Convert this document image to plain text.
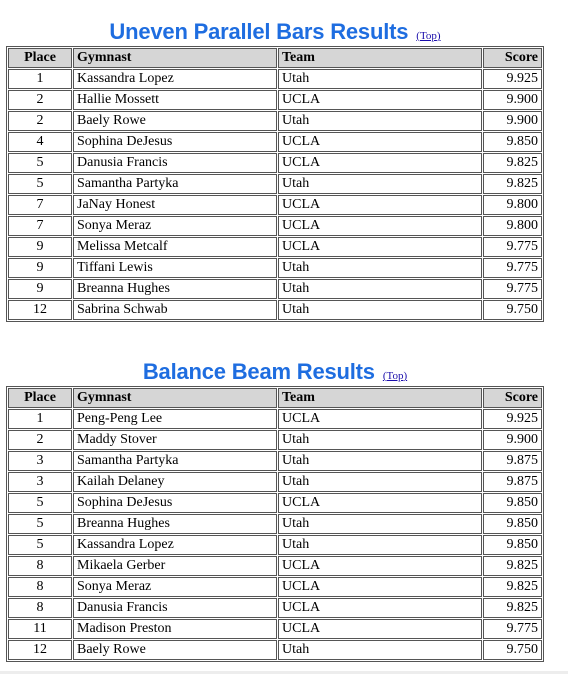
Uneven Parallel Bars Results (Top)
Place	Gymnast	Team	Score
1	Kassandra Lopez	Utah	9.925
2	Hallie Mossett	UCLA	9.900
2	Baely Rowe	Utah	9.900
4	Sophina DeJesus	UCLA	9.850
5	Danusia Francis	UCLA	9.825
5	Samantha Partyka	Utah	9.825
7	JaNay Honest	UCLA	9.800
7	Sonya Meraz	UCLA	9.800
9	Melissa Metcalf	UCLA	9.775
9	Tiffani Lewis	Utah	9.775
9	Breanna Hughes	Utah	9.775
12	Sabrina Schwab	Utah	9.750
Balance Beam Results (Top)
Place	Gymnast	Team	Score
1	Peng-Peng Lee	UCLA	9.925
2	Maddy Stover	Utah	9.900
3	Samantha Partyka	Utah	9.875
3	Kailah Delaney	Utah	9.875
5	Sophina DeJesus	UCLA	9.850
5	Breanna Hughes	Utah	9.850
5	Kassandra Lopez	Utah	9.850
8	Mikaela Gerber	UCLA	9.825
8	Sonya Meraz	UCLA	9.825
8	Danusia Francis	UCLA	9.825
11	Madison Preston	UCLA	9.775
12	Baely Rowe	Utah	9.750
